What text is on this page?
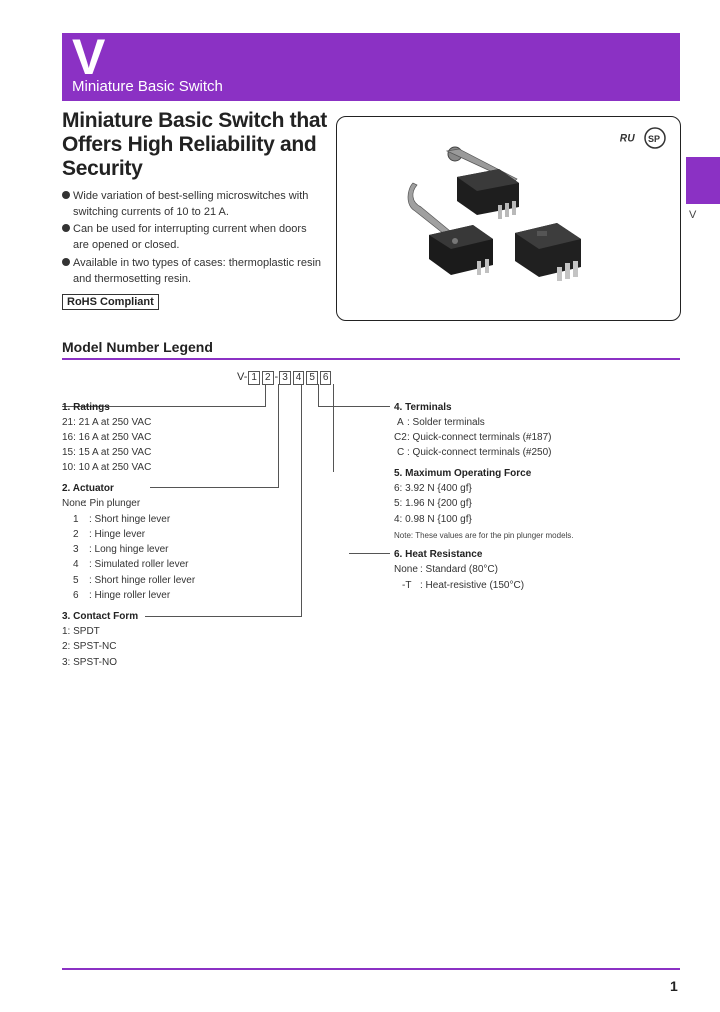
V
Miniature Basic Switch
V
Miniature Basic Switch that
Offers High Reliability and
Security
Wide variation of best-selling microswitches with
switching currents of 10 to 21 A.
Can be used for interrupting current when doors
are opened or closed.
Available in two types of cases: thermoplastic resin
and thermosetting resin.
RoHS Compliant
ᴿᵁ SP
Model Number Legend
V- 1 2 - 3 4 5 6
1. Ratings
21: 21 A at 250 VAC
16: 16 A at 250 VAC
15: 15 A at 250 VAC
10: 10 A at 250 VAC
2. Actuator
None
: Pin plunger
1 : Short hinge lever
2 : Hinge lever
3 : Long hinge lever
4 : Simulated roller lever
5 : Short hinge roller lever
6 : Hinge roller lever
3. Contact Form
1: SPDT
2: SPST-NC
3: SPST-NO
4. Terminals
A : Solder terminals
C2 : Quick-connect terminals (#187)
C : Quick-connect terminals (#250)
5. Maximum Operating Force
6: 3.92 N {400 gf}
5: 1.96 N {200 gf}
4: 0.98 N {100 gf}
Note: These values are for the pin plunger models.
6. Heat Resistance
None : Standard (80°C)
-T : Heat-resistive (150°C)
1
